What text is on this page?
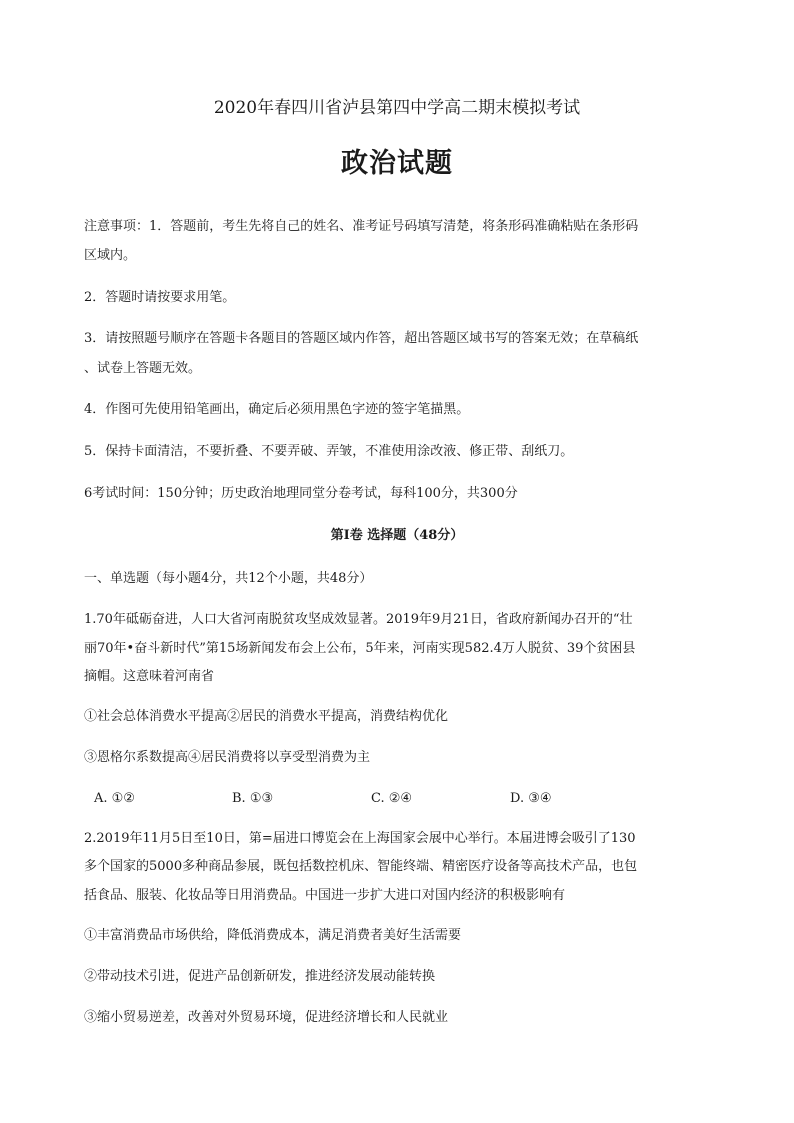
2020年春四川省泸县第四中学高二期末模拟考试
政治试题
注意事项：1．答题前，考生先将自己的姓名、准考证号码填写清楚，将条形码准确粘贴在条形码
区域内。
2．答题时请按要求用笔。
3．请按照题号顺序在答题卡各题目的答题区域内作答，超出答题区域书写的答案无效；在草稿纸
、试卷上答题无效。
4．作图可先使用铅笔画出，确定后必须用黑色字迹的签字笔描黑。
5．保持卡面清洁，不要折叠、不要弄破、弄皱，不准使用涂改液、修正带、刮纸刀。
6考试时间：150分钟；历史政治地理同堂分卷考试，每科100分，共300分
第I卷 选择题（48分）
一、单选题（每小题4分，共12个小题，共48分）
1.70年砥砺奋进，人口大省河南脱贫攻坚成效显著。2019年9月21日，省政府新闻办召开的“壮
丽70年•奋斗新时代”第15场新闻发布会上公布，5年来，河南实现582.4万人脱贫、39个贫困县
摘帽。这意味着河南省
①社会总体消费水平提高②居民的消费水平提高，消费结构优化
③恩格尔系数提高④居民消费将以享受型消费为主
A. ①②	B. ①③	C. ②④	D. ③④
2.2019年11月5日至10日，第=届进口博览会在上海国家会展中心举行。本届进博会吸引了130
多个国家的5000多种商品参展，既包括数控机床、智能终端、精密医疗设备等高技术产品，也包
括食品、服装、化妆品等日用消费品。中国进一步扩大进口对国内经济的积极影响有
①丰富消费品市场供给，降低消费成本，满足消费者美好生活需要
②带动技术引进，促进产品创新研发，推进经济发展动能转换
③缩小贸易逆差，改善对外贸易环境，促进经济增长和人民就业
